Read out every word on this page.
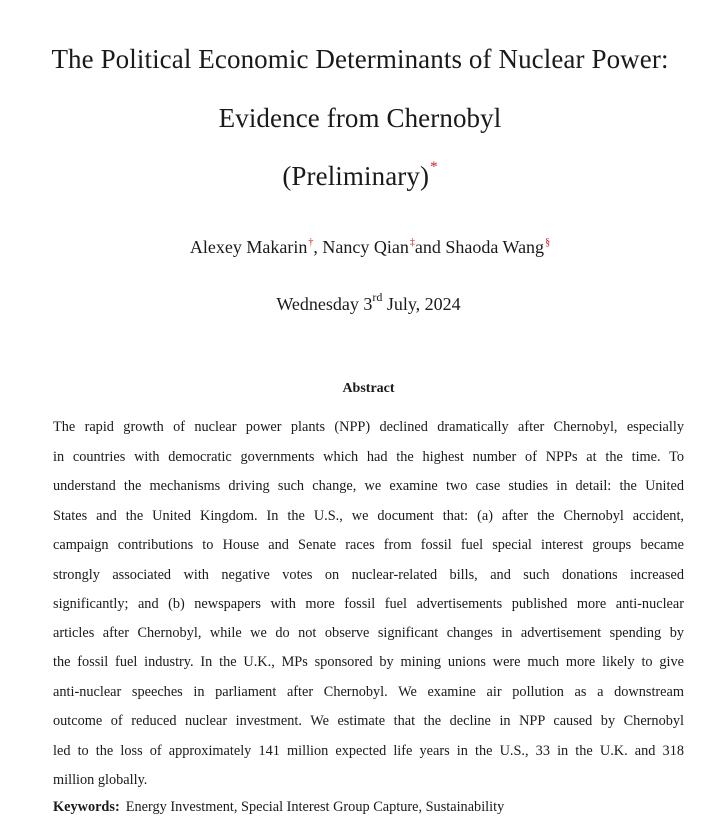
The Political Economic Determinants of Nuclear Power:
Evidence from Chernobyl
(Preliminary)*
Alexey Makarin†, Nancy Qian‡and Shaoda Wang§
Wednesday 3rd July, 2024
Abstract
The rapid growth of nuclear power plants (NPP) declined dramatically after Chernobyl, especially
in countries with democratic governments which had the highest number of NPPs at the time. To
understand the mechanisms driving such change, we examine two case studies in detail: the United
States and the United Kingdom. In the U.S., we document that: (a) after the Chernobyl accident,
campaign contributions to House and Senate races from fossil fuel special interest groups became
strongly associated with negative votes on nuclear-related bills, and such donations increased
significantly; and (b) newspapers with more fossil fuel advertisements published more anti-nuclear
articles after Chernobyl, while we do not observe significant changes in advertisement spending by
the fossil fuel industry. In the U.K., MPs sponsored by mining unions were much more likely to give
anti-nuclear speeches in parliament after Chernobyl. We examine air pollution as a downstream
outcome of reduced nuclear investment. We estimate that the decline in NPP caused by Chernobyl
led to the loss of approximately 141 million expected life years in the U.S., 33 in the U.K. and 318
million globally.
Keywords: Energy Investment, Special Interest Group Capture, Sustainability
